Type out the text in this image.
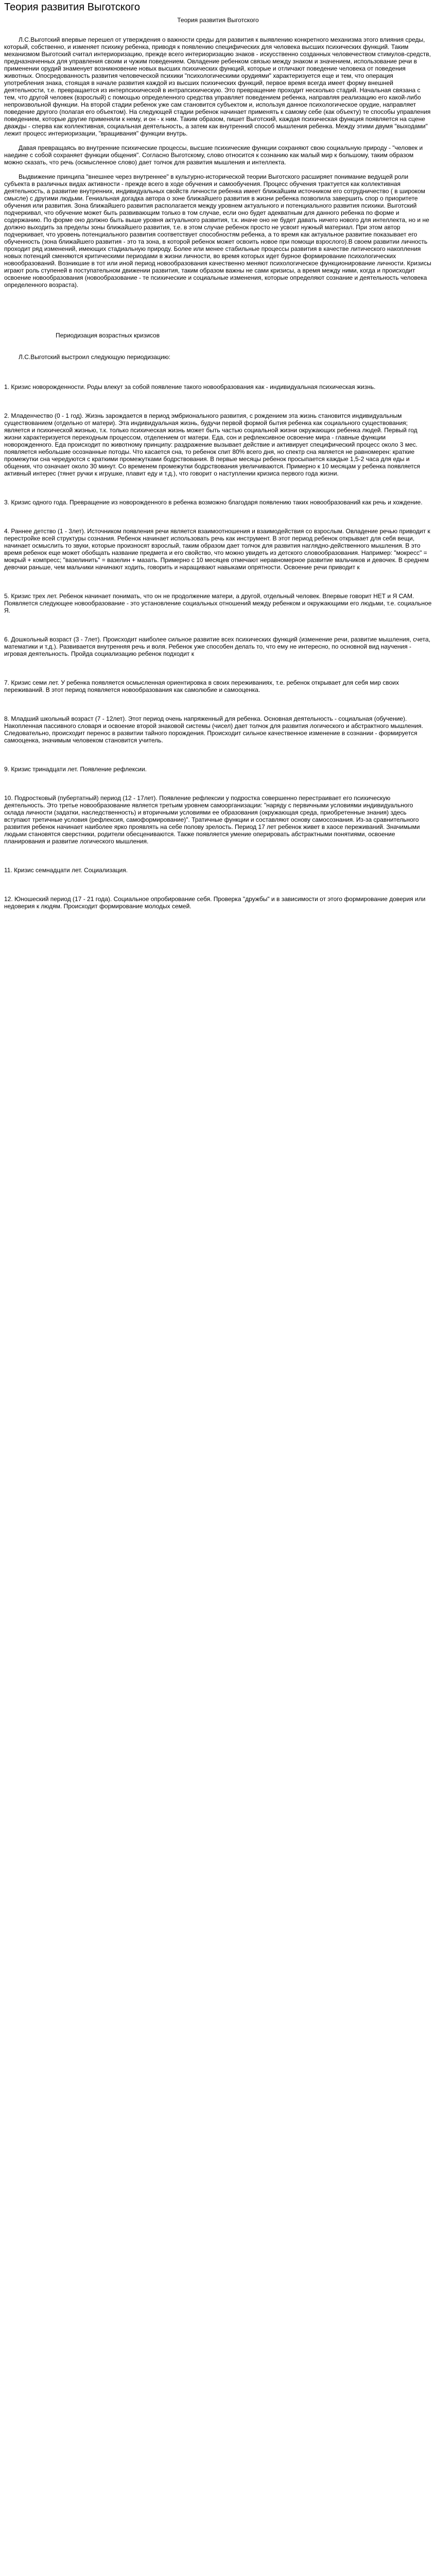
Теория развития Выготского
Теория развития Выготского

Л.С.Выготский впервые перешел от утверждения о важности среды для развития к выявлению конкретного механизма этого влияния среды, который, собственно, и изменяет психику ребенка, приводя к появлению специфических для человека высших психических функций. Таким механизмом Выготский считал интериоризацию, прежде всего интериоризацию знаков - искусственно созданных человечеством стимулов-средств, предназначенных для управления своим и чужим поведением. Овладение ребенком связью между знаком и значением, использование речи в применении орудий знаменует возникновение новых высших психических функций, которые и отличают поведение человека от поведения животных. Опосредованность развития человеческой психики "психологическими орудиями" характеризуется еще и тем, что операция употребления знака, стоящая в начале развития каждой из высших психических функций, первое время всегда имеет форму внешней деятельности, т.е. превращается из интерпсихической в интрапсихическую. Это превращение проходит несколько стадий. Начальная связана с тем, что другой человек (взрослый) с помощью определенного средства управляет поведением ребенка, направляя реализацию его какой-либо непроизвольной функции. На второй стадии ребенок уже сам становится субъектом и, используя данное психологическое орудие, направляет поведение другого (полагая его объектом). На следующей стадии ребенок начинает применять к самому себе (как объекту) те способы управления поведением, которые другие применяли к нему, и он - к ним. Таким образом, пишет Выготский, каждая психическая функция появляется на сцене дважды - сперва как коллективная, социальная деятельность, а затем как внутренний способ мышления ребенка. Между этими двумя "выходами" лежит процесс интериоризации, "вращивания" функции внутрь.

Давая превращаясь во внутренние психические процессы, высшие психические функции сохраняют свою социальную природу - "человек и наедине с собой сохраняет функции общения". Согласно Выготскому, слово относится к сознанию как малый мир к большому, таким образом можно сказать, что речь (осмысленное слово) дает толчок для развития мышления и интеллекта.

Выдвижение принципа "внешнее через внутреннее" в культурно-исторической теории Выготского расширяет понимание ведущей роли субъекта в различных видах активности - прежде всего в ходе обучения и самообучения. Процесс обучения трактуется как коллективная деятельность, а развитие внутренних, индивидуальных свойств личности ребенка имеет ближайшим источником его сотрудничество ( в широком смысле) с другими людьми. Гениальная догадка автора о зоне ближайшего развития в жизни ребенка позволила завершить спор о приоритете обучения или развития. Зона ближайшего развития располагается между уровнем актуального и потенциального развития психики. Выготский подчеркивал, что обучение может быть развивающим только в том случае, если оно будет адекватным для данного ребенка по форме и содержанию. По форме оно должно быть выше уровня актуального развития, т.к. иначе оно не будет давать ничего нового для интеллекта, но и не должно выходить за пределы зоны ближайшего развития, т.е. в этом случае ребенок просто не усвоит нужный материал. При этом автор подчеркивает, что уровень потенциального развития соответствует способностям ребенка, а то время как актуальное развитие показывает его обученность (зона ближайшего развития - это та зона, в которой ребенок может освоить новое при помощи взрослого).В своем развитии личность проходит ряд изменений, имеющих стадиальную природу. Более или менее стабильные процессы развития в качестве литического накопления новых потенций сменяются критическими периодами в жизни личности, во время которых идет бурное формирование психологических новообразований. Возникшие в тот или иной период новообразования качественно меняют психологическое функционирование личности. Кризисы играют роль ступеней в поступательном движении развития, таким образом важны не сами кризисы, а время между ними, когда и происходит освоение новообразования (новообразование - те психические и социальные изменения, которые определяют сознание и деятельность человека определенного возраста).

Периодизация возрастных кризисов
Л.С.Выготский выстроил следующую периодизацию:
1. Кризис новорожденности. Роды влекут за собой появление такого новообразования как - индивидуальная психическая жизнь.
2. Младенчество (0 - 1 год). Жизнь зарождается в период эмбрионального развития, с рождением эта жизнь становится индивидуальным существованием (отдельно от матери). Эта индивидуальная жизнь, будучи первой формой бытия ребенка как социального существования; является и психической жизнью, т.к. только психическая жизнь может быть частью социальной жизни окружающих ребенка людей. Первый год жизни характеризуется переходным процессом, отделением от матери. Еда, сон и рефлексивное освоение мира - главные функции новорожденного. Еда происходит по животному принципу: раздражение вызывает действие и активирует специфический процесс около 3 мес. появляется небольшие осознанные потоды. Что касается сна, то ребенок спит 80% всего дня, но спектр сна является не равномерен: краткие промежутки сна чередуются с краткими промежутками бодрствования. В первые месяцы ребенок просыпается каждые 1,5-2 часа для еды и общения, что означает около 30 минут. Со временем промежутки бодрствования увеличиваются. Примерно к 10 месяцам у ребенка появляется активный интерес (тянет ручки к игрушке, плавит еду и т.д.), что говорит о наступлении кризиса первого года жизни.
3. Кризис одного года. Превращение из новорожденного в ребенка возможно благодаря появлению таких новообразований как речь и хождение.
4. Раннее детство (1 - 3лет). Источником появления речи является взаимоотношения и взаимодействия со взрослым. Овладение речью приводит к перестройке всей структуры сознания. Ребенок начинает использовать речь как инструмент. В этот период ребенок открывает для себя вещи, начинает осмыслить то звуки, которые произносят взрослый, таким образом дает толчок для развития наглядно-действенного мышления. В это время ребенок еще может обобщать название предмета и его свойство, что можно увидеть из детского словообразования. Например: "мокресс" = мокрый + компресс; "вазелинить" = вазелин + мазать. Примерно с 10 месяцев отмечают неравномерное развитие мальчиков и девочек. В среднем девочки раньше, чем мальчики начинают ходить, говорить и наращивают навыками опрятности. Освоение речи приводит к
5. Кризис трех лет. Ребенок начинает понимать, что он не продолжение матери, а другой, отдельный человек. Впервые говорит НЕТ и Я САМ. Появляется следующее новообразование - это установление социальных отношений между ребенком и окружающими его людьми, т.е. социальное Я.
6. Дошкольный возраст (3 - 7лет). Происходит наиболее сильное развитие всех психических функций (изменение речи, развитие мышления, счета, математики и т.д.). Развивается внутренняя речь и воля. Ребенок уже способен делать то, что ему не интересно, по основной вид научения - игровая деятельность. Пройда социализацию ребенок подходит к
7. Кризис семи лет. У ребенка появляется осмысленная ориентировка в своих переживаниях, т.е. ребенок открывает для себя мир своих переживаний. В этот период появляется новообразования как самолюбие и самооценка.
8. Младший школьный возраст (7 - 12лет). Этот период очень напряженный для ребенка. Основная деятельность - социальная (обучение). Накопленная пассивного словаря и освоение второй знаковой системы (чисел) дает толчок для развития логического и абстрактного мышления. Следовательно, происходит перенос в развитии тайного порождения. Происходит сильное качественное изменение в сознании - формируется самооценка, значимым человеком становится учитель.
9. Кризис тринадцати лет. Появление рефлексии.
10. Подростковый (пубертатный) период (12 - 17лет). Появление рефлексии у подростка совершенно перестраивает его психическую деятельность. Это третье новообразование является третьим уровнем самоорганизации: "наряду с первичными условиями индивидуального склада личности (задатки, наследственность) и вторичными условиями ее образования (окружающая среда, приобретенные знания) здесь вступают третичные условия (рефлексия, самоформирование)". Тратичные функции и составляют основу самосознания. Из-за сравнительного развития ребенок начинает наиболее ярко проявлять на себе полову зрелость. Период 17 лет ребенок живет в хаосе переживаний. Значимыми людьми становятся сверстники, родители обесцениваются. Также появляется умение оперировать абстрактными понятиями, освоение планирования и развитие логического мышления.
11. Кризис семнадцати лет. Социализация.
12. Юношеский период (17 - 21 года). Социальное опробирование себя. Проверка "дружбы" и в зависимости от этого формирование доверия или недоверия к людям. Происходит формирование молодых семей.
